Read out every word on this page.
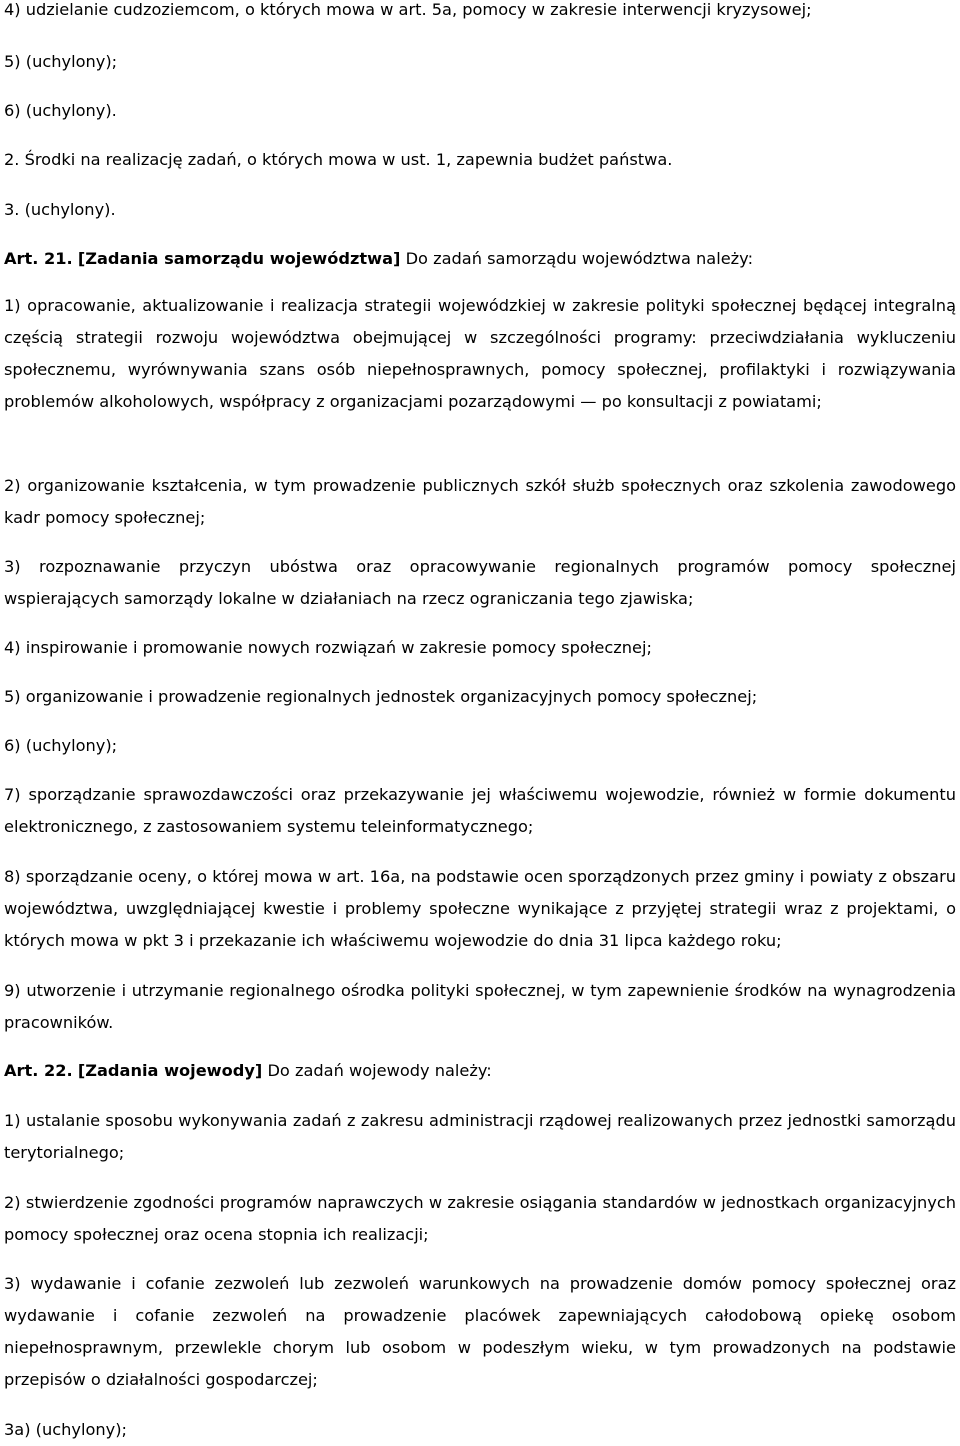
4) udzielanie cudzoziemcom, o których mowa w art. 5a, pomocy w zakresie interwencji kryzysowej;

5) (uchylony);

6) (uchylony).

2. Środki na realizację zadań, o których mowa w ust. 1, zapewnia budżet państwa.

3. (uchylony).

Art. 21. [Zadania samorządu województwa] Do zadań samorządu województwa należy:

1) opracowanie, aktualizowanie i realizacja strategii wojewódzkiej w zakresie polityki społecznej będącej integralną częścią strategii rozwoju województwa obejmującej w szczególności programy: przeciwdziałania wykluczeniu społecznemu, wyrównywania szans osób niepełnosprawnych, pomocy społecznej, profilaktyki i rozwiązywania problemów alkoholowych, współpracy z organizacjami pozarządowymi — po konsultacji z powiatami;

2) organizowanie kształcenia, w tym prowadzenie publicznych szkół służb społecznych oraz szkolenia zawodowego kadr pomocy społecznej;

3) rozpoznawanie przyczyn ubóstwa oraz opracowywanie regionalnych programów pomocy społecznej wspierających samorządy lokalne w działaniach na rzecz ograniczania tego zjawiska;

4) inspirowanie i promowanie nowych rozwiązań w zakresie pomocy społecznej;

5) organizowanie i prowadzenie regionalnych jednostek organizacyjnych pomocy społecznej;

6) (uchylony);

7) sporządzanie sprawozdawczości oraz przekazywanie jej właściwemu wojewodzie, również w formie dokumentu elektronicznego, z zastosowaniem systemu teleinformatycznego;

8) sporządzanie oceny, o której mowa w art. 16a, na podstawie ocen sporządzonych przez gminy i powiaty z obszaru województwa, uwzględniającej kwestie i problemy społeczne wynikające z przyjętej strategii wraz z projektami, o których mowa w pkt 3 i przekazanie ich właściwemu wojewodzie do dnia 31 lipca każdego roku;

9) utworzenie i utrzymanie regionalnego ośrodka polityki społecznej, w tym zapewnienie środków na wynagrodzenia pracowników.

Art. 22. [Zadania wojewody] Do zadań wojewody należy:

1) ustalanie sposobu wykonywania zadań z zakresu administracji rządowej realizowanych przez jednostki samorządu terytorialnego;

2) stwierdzenie zgodności programów naprawczych w zakresie osiągania standardów w jednostkach organizacyjnych pomocy społecznej oraz ocena stopnia ich realizacji;

3) wydawanie i cofanie zezwoleń lub zezwoleń warunkowych na prowadzenie domów pomocy społecznej oraz wydawanie i cofanie zezwoleń na prowadzenie placówek zapewniających całodobową opiekę osobom niepełnosprawnym, przewlekle chorym lub osobom w podeszłym wieku, w tym prowadzonych na podstawie przepisów o działalności gospodarczej;

3a) (uchylony);
